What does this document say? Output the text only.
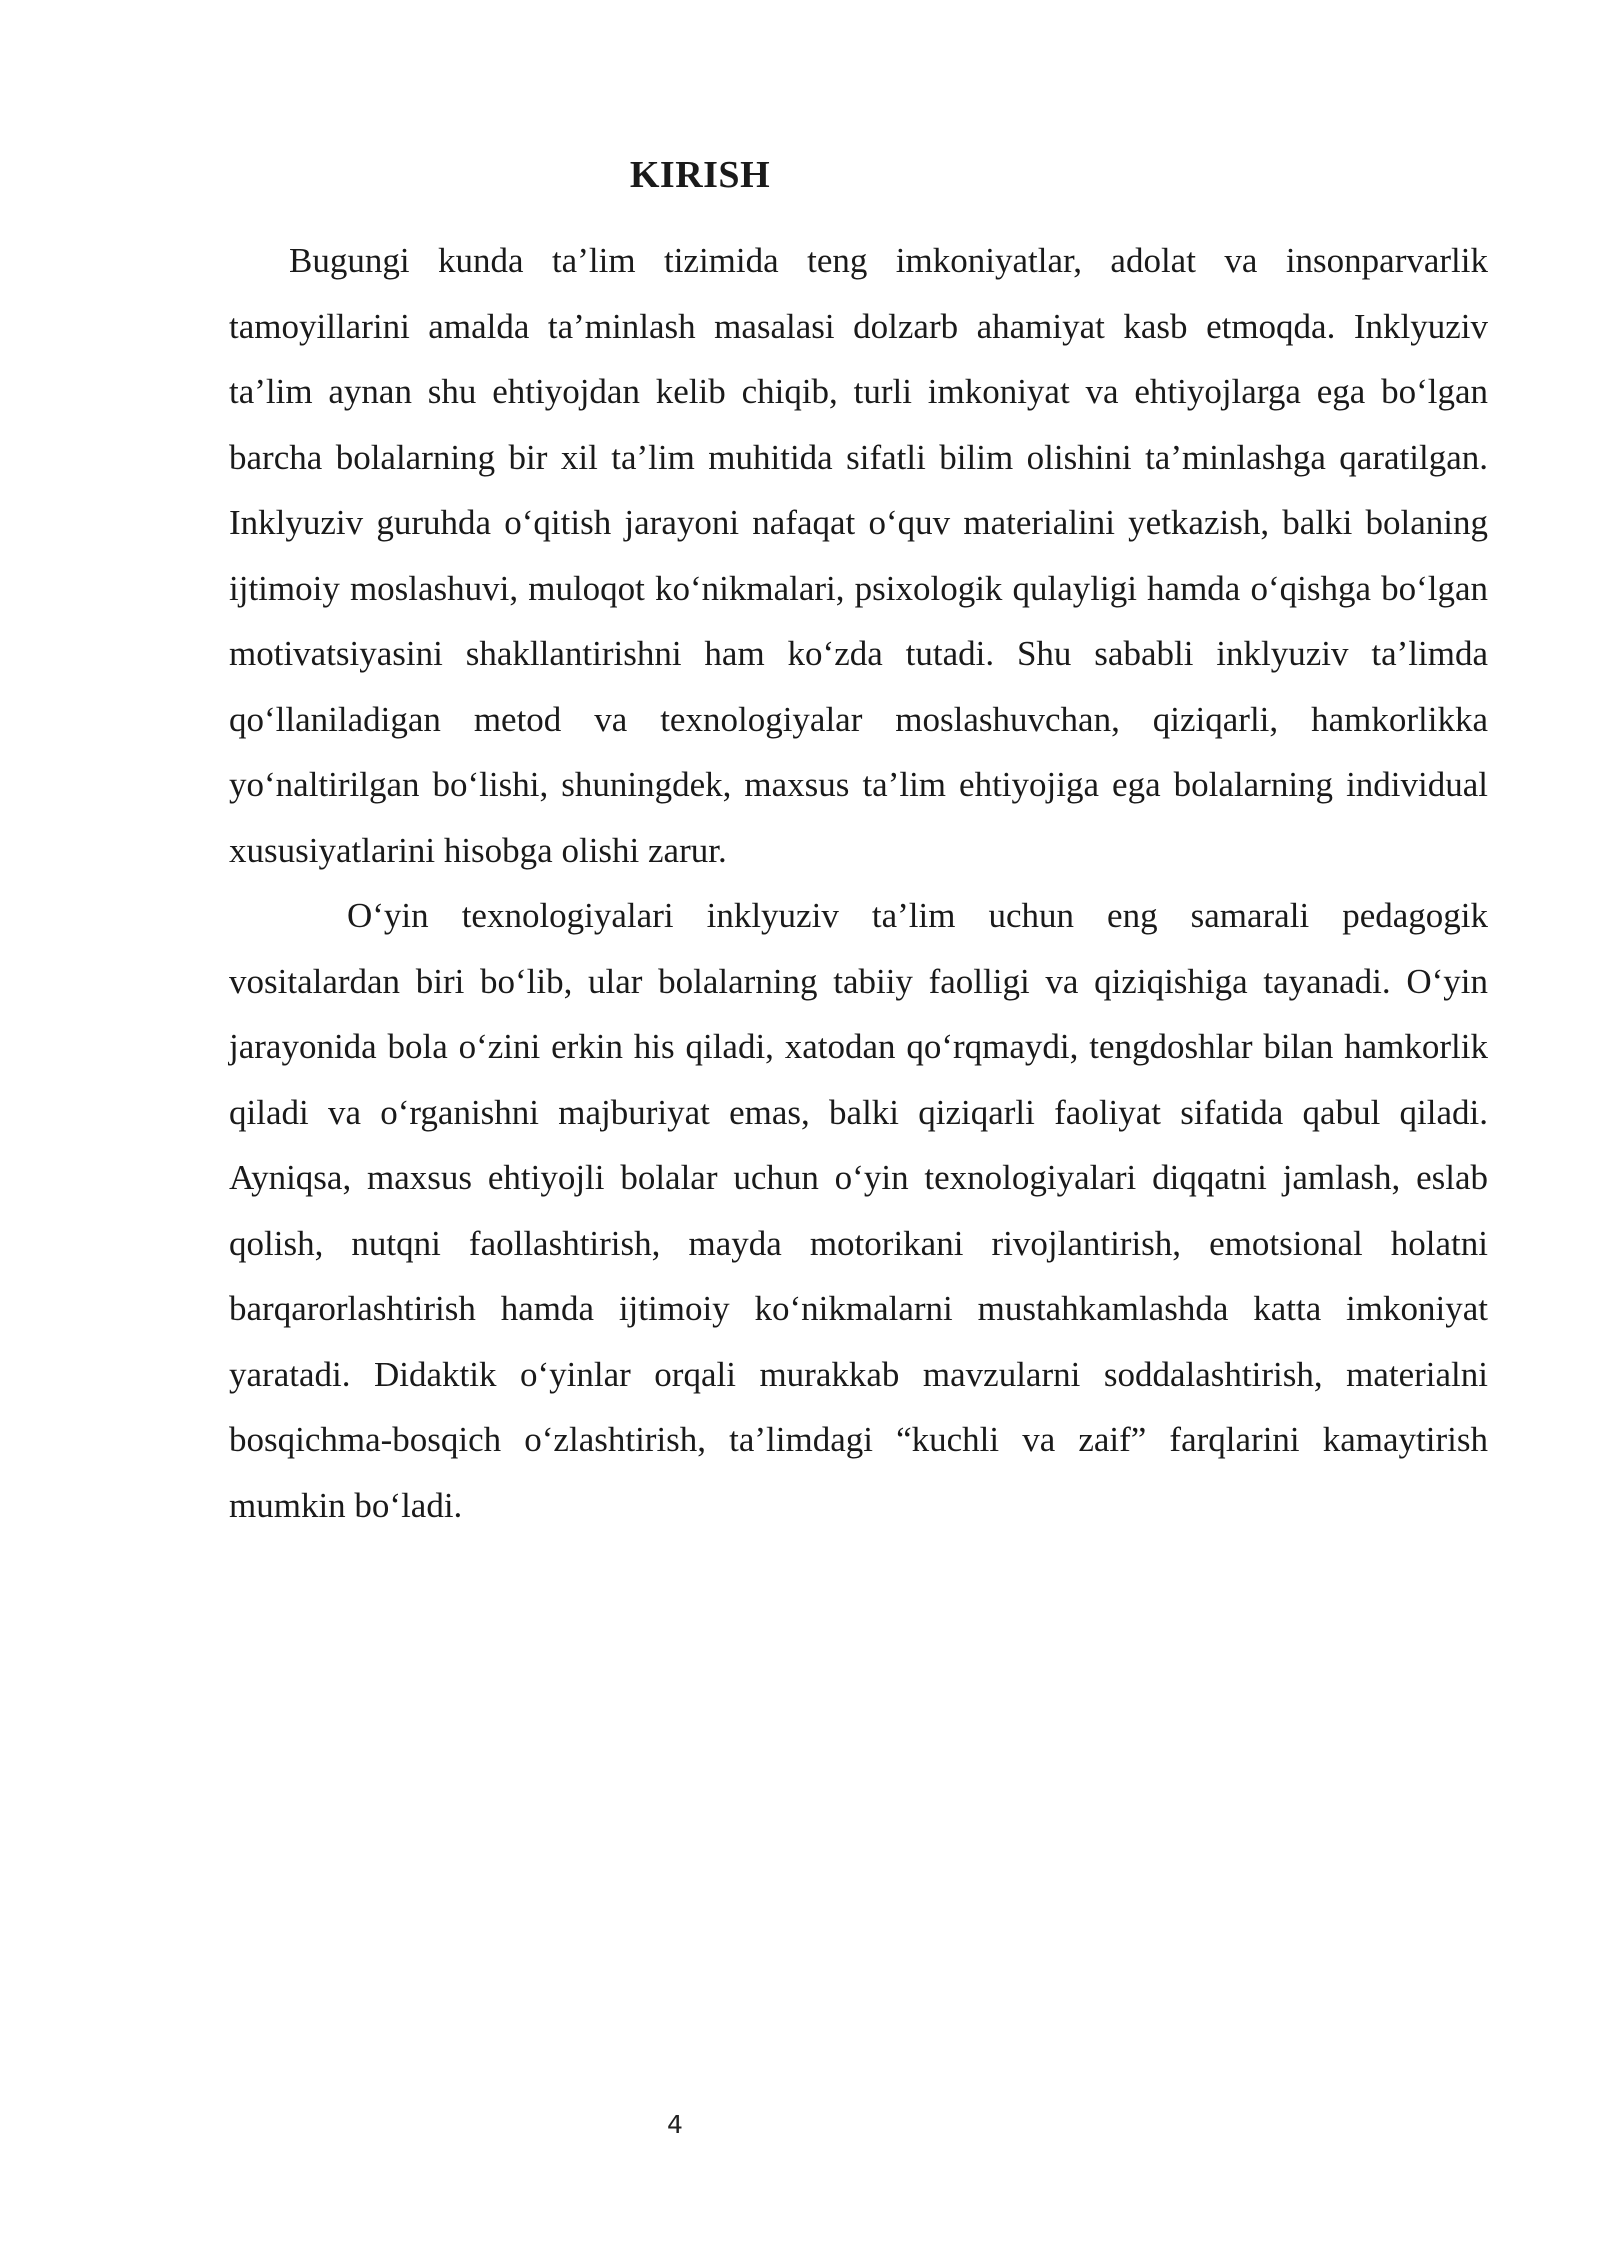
KIRISH

Bugungi kunda ta’lim tizimida teng imkoniyatlar, adolat va insonparvarlik tamoyillarini amalda ta’minlash masalasi dolzarb ahamiyat kasb etmoqda. Inklyuziv ta’lim aynan shu ehtiyojdan kelib chiqib, turli imkoniyat va ehtiyojlarga ega boʻlgan barcha bolalarning bir xil ta’lim muhitida sifatli bilim olishini ta’minlashga qaratilgan. Inklyuziv guruhda oʻqitish jarayoni nafaqat oʻquv materialini yetkazish, balki bolaning ijtimoiy moslashuvi, muloqot koʻnikmalari, psixologik qulayligi hamda oʻqishga boʻlgan motivatsiyasini shakllantirishni ham koʻzda tutadi. Shu sababli inklyuziv ta’limda qoʻllaniladigan metod va texnologiyalar moslashuvchan, qiziqarli, hamkorlikka yoʻnaltirilgan boʻlishi, shuningdek, maxsus ta’lim ehtiyojiga ega bolalarning individual xususiyatlarini hisobga olishi zarur.

Oʻyin texnologiyalari inklyuziv ta’lim uchun eng samarali pedagogik vositalardan biri boʻlib, ular bolalarning tabiiy faolligi va qiziqishiga tayanadi. Oʻyin jarayonida bola oʻzini erkin his qiladi, xatodan qoʻrqmaydi, tengdoshlar bilan hamkorlik qiladi va oʻrganishni majburiyat emas, balki qiziqarli faoliyat sifatida qabul qiladi. Ayniqsa, maxsus ehtiyojli bolalar uchun oʻyin texnologiyalari diqqatni jamlash, eslab qolish, nutqni faollashtirish, mayda motorikani rivojlantirish, emotsional holatni barqarorlashtirish hamda ijtimoiy koʻnikmalarni mustahkamlashda katta imkoniyat yaratadi. Didaktik oʻyinlar orqali murakkab mavzularni soddalashtirish, materialni bosqichma-bosqich oʻzlashtirish, ta’limdagi “kuchli va zaif” farqlarini kamaytirish mumkin boʻladi.

4
